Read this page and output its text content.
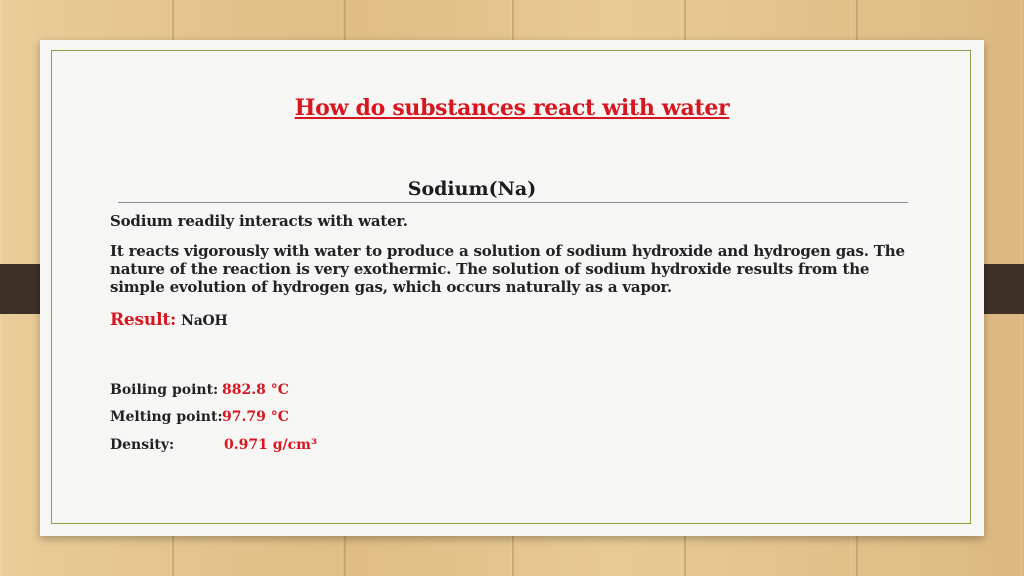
How do substances react with water
Sodium readily interacts with water.
It reacts vigorously with water to produce a solution of sodium hydroxide and hydrogen gas. The nature of the reaction is very exothermic. The solution of sodium hydroxide results from the simple evolution of hydrogen gas, which occurs naturally as a vapor.
Result: NaOH
Boiling point: 882.8 °C
Melting point: 97.79 °C
Density:	0.971 g/cm³
Sodium(Na)
